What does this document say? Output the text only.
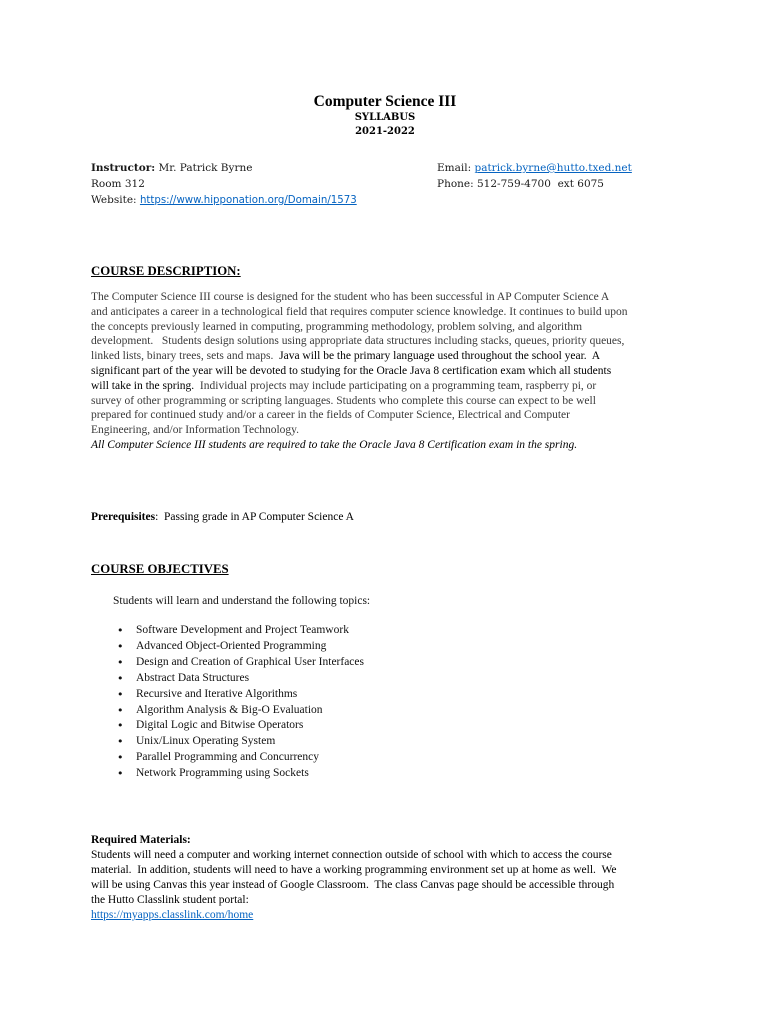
Computer Science III
SYLLABUS
2021-2022
Instructor: Mr. Patrick Byrne
Room 312
Website: https://www.hipponation.org/Domain/1573
Email: patrick.byrne@hutto.txed.net
Phone: 512-759-4700  ext 6075
COURSE DESCRIPTION:
The Computer Science III course is designed for the student who has been successful in AP Computer Science A
and anticipates a career in a technological field that requires computer science knowledge. It continues to build upon
the concepts previously learned in computing, programming methodology, problem solving, and algorithm
development.   Students design solutions using appropriate data structures including stacks, queues, priority queues,
linked lists, binary trees, sets and maps.  Java will be the primary language used throughout the school year.  A
significant part of the year will be devoted to studying for the Oracle Java 8 certification exam which all students
will take in the spring.  Individual projects may include participating on a programming team, raspberry pi, or
survey of other programming or scripting languages. Students who complete this course can expect to be well
prepared for continued study and/or a career in the fields of Computer Science, Electrical and Computer
Engineering, and/or Information Technology.
All Computer Science III students are required to take the Oracle Java 8 Certification exam in the spring.
Prerequisites:  Passing grade in AP Computer Science A
COURSE OBJECTIVES
Students will learn and understand the following topics:
• Software Development and Project Teamwork
• Advanced Object-Oriented Programming
• Design and Creation of Graphical User Interfaces
• Abstract Data Structures
• Recursive and Iterative Algorithms
• Algorithm Analysis & Big-O Evaluation
• Digital Logic and Bitwise Operators
• Unix/Linux Operating System
• Parallel Programming and Concurrency
• Network Programming using Sockets
Required Materials:
Students will need a computer and working internet connection outside of school with which to access the course
material.  In addition, students will need to have a working programming environment set up at home as well.  We
will be using Canvas this year instead of Google Classroom.  The class Canvas page should be accessible through
the Hutto Classlink student portal:
https://myapps.classlink.com/home
